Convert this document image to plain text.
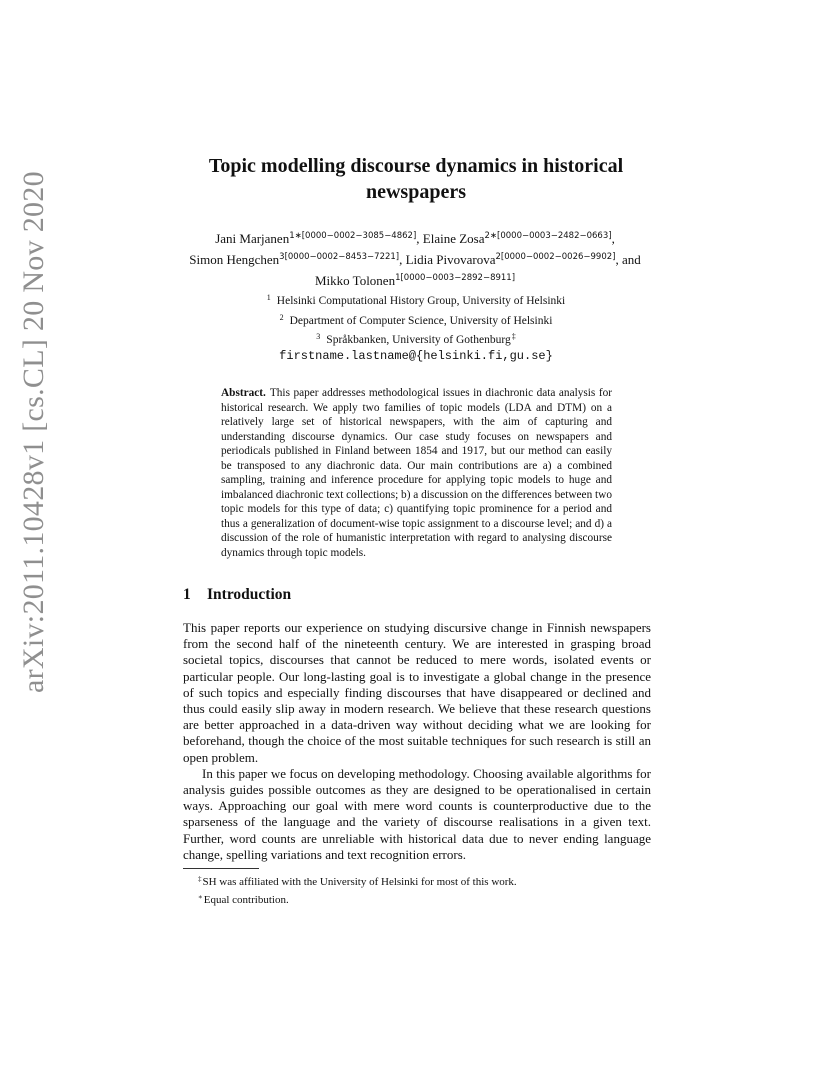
arXiv:2011.10428v1 [cs.CL] 20 Nov 2020
Topic modelling discourse dynamics in historical newspapers
Jani Marjanen$^{1∗[0000-0002-3085-4862]}$, Elaine Zosa$^{2∗[0000-0003-2482-0663]}$,
Simon Hengchen$^{3[0000-0002-8453-7221]}$, Lidia Pivovarova$^{2[0000-0002-0026-9902]}$, and
Mikko Tolonen$^{1[0000-0003-2892-8911]}$
$^1$ Helsinki Computational History Group, University of Helsinki
$^2$ Department of Computer Science, University of Helsinki
$^3$ Språkbanken, University of Gothenburg‡
firstname.lastname@{helsinki.fi,gu.se}
Abstract. This paper addresses methodological issues in diachronic data analysis for historical research. We apply two families of topic models (LDA and DTM) on a relatively large set of historical newspapers, with the aim of capturing and understanding discourse dynamics. Our case study focuses on newspapers and periodicals published in Finland between 1854 and 1917, but our method can easily be transposed to any diachronic data. Our main contributions are a) a combined sampling, training and inference procedure for applying topic models to huge and imbalanced diachronic text collections; b) a discussion on the differences between two topic models for this type of data; c) quantifying topic prominence for a period and thus a generalization of document-wise topic assignment to a discourse level; and d) a discussion of the role of humanistic interpretation with regard to analysing discourse dynamics through topic models.
1 Introduction

This paper reports our experience on studying discursive change in Finnish newspapers from the second half of the nineteenth century. We are interested in grasping broad societal topics, discourses that cannot be reduced to mere words, isolated events or particular people. Our long-lasting goal is to investigate a global change in the presence of such topics and especially finding discourses that have disappeared or declined and thus could easily slip away in modern research. We believe that these research questions are better approached in a data-driven way without deciding what we are looking for beforehand, though the choice of the most suitable techniques for such research is still an open problem.

In this paper we focus on developing methodology. Choosing available algorithms for analysis guides possible outcomes as they are designed to be operationalised in certain ways. Approaching our goal with mere word counts is counterproductive due to the sparseness of the language and the variety of discourse realisations in a given text. Further, word counts are unreliable with historical data due to never ending language change, spelling variations and text recognition errors.

‡SH was affiliated with the University of Helsinki for most of this work.
∗Equal contribution.
